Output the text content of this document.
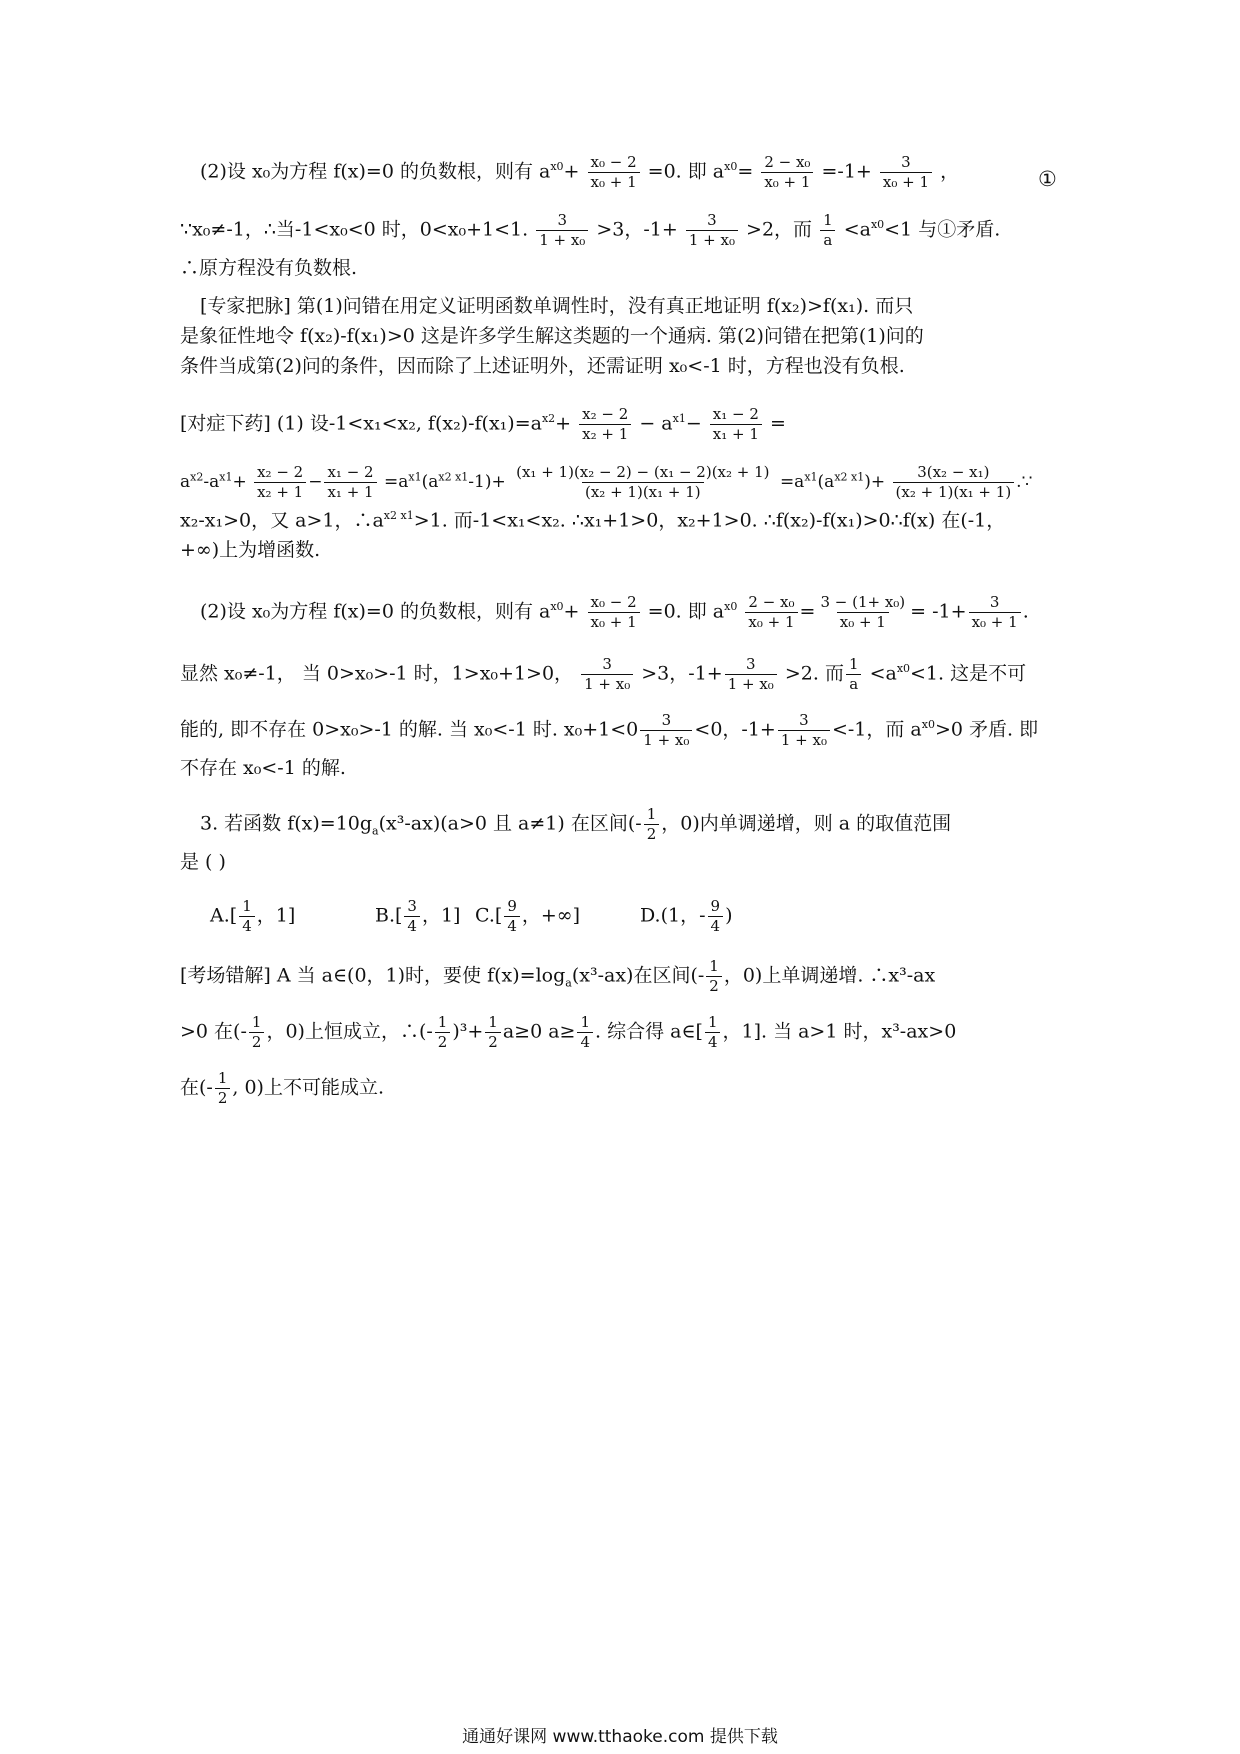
(2)设 x₀为方程 f(x)=0 的负数根，则有 $a^{x0}+ \frac{\text{x₀ − 2}}{\text{x₀ + 1}} =0$. 即 $a^{x0}= \frac{\text{2 − x₀}}{\text{x₀ + 1}} =-1+ \frac{3}{\text{x₀ + 1}}$ ，	①
∵x₀≠-1，∴当-1<x₀<0 时，0<x₀+1<1. $\frac{3}{\text{1 + x₀}} >3$，$-1+ \frac{3}{\text{1 + x₀}} >2$，而 $\frac{1}{a} <a^{x0}<1$ 与①矛盾.
∴原方程没有负数根.
[专家把脉] 第(1)问错在用定义证明函数单调性时，没有真正地证明 f(x₂)>f(x₁). 而只
是象征性地令 f(x₂)-f(x₁)>0 这是许多学生解这类题的一个通病. 第(2)问错在把第(1)问的
条件当成第(2)问的条件，因而除了上述证明外，还需证明 x₀<-1 时，方程也没有负根.
[对症下药] (1) 设-1<x₁<x₂, $f(x_2)-f(x_1)=a^{x2}+ \frac{\text{x₂ − 2}}{\text{x₂ + 1}} - a^{x1}- \frac{\text{x₁ − 2}}{\text{x₁ + 1}}$ =
$a^{x2}-a^{x1}+ \frac{\text{x₂ − 2}}{\text{x₂ + 1}} - \frac{\text{x₁ − 2}}{\text{x₁ + 1}} =a^{x1}(a^{x2 x1}-1)+ \frac{\text{(x₁ + 1)(x₂ − 2) − (x₁ − 2)(x₂ + 1)}}{\text{(x₂ + 1)(x₁ + 1)}} =a^{x1}(a^{x2 x1})+ \frac{\text{3(x₂ − x₁)}}{\text{(x₂ + 1)(x₁ + 1)}}$ .∵
x₂-x₁>0，又 a>1，$\therefore a^{x2 x1}>1$. 而-1<x₁<x₂. ∴x₁+1>0，x₂+1>0. ∴f(x₂)-f(x₁)>0∴f(x) 在(-1，
+∞)上为增函数.
(2)设 x₀为方程 f(x)=0 的负数根，则有 $a^{x0}+ \frac{\text{x₀ − 2}}{\text{x₀ + 1}} =0$. 即 $a^{x0} \frac{\text{2 − x₀}}{\text{x₀ + 1}} = \frac{\text{3 − (1+ x₀)}}{\text{x₀ + 1}} = -1+ \frac{3}{\text{x₀ + 1}}$ .
显然 x₀≠-1， 当 0>x₀>-1 时，1>x₀+1>0， $\frac{3}{\text{1 + x₀}} >3$，$-1+ \frac{3}{\text{1 + x₀}} >2$. 而 $\frac{1}{a} <a^{x0}<1$. 这是不可
能的, 即不存在 0>x₀>-1 的解. 当 x₀<-1 时. $x_0+1<0 \frac{3}{\text{1 + x₀}} <0$，$-1+ \frac{3}{\text{1 + x₀}} <-1$，而 $a^{x0}>0$ 矛盾. 即
不存在 x₀<-1 的解.
3. 若函数 $f(x)=10g_a(x^3-ax)(a>0$ 且 a≠1) 在区间(- $\frac{1}{2}$ ，0)内单调递增，则 a 的取值范围
是 ( )
$A.[ \frac{1}{4}$ ，1]	$B.[ \frac{3}{4}$ ，1] $C.[ \frac{9}{4}$ ，+∞]	D.(1，- $\frac{9}{4}$ )
[考场错解] A 当 a∈(0，1)时，要使 $f(x)=\log_a(x^3-ax)$在区间(- $\frac{1}{2}$ ，0)上单调递增. ∴x³-ax
>0 在(- $\frac{1}{2}$ ，0)上恒成立，∴(- $\frac{1}{2} )^3+ \frac{1}{2} a\ge 0$ $a\ge \frac{1}{4}$ . 综合得 a∈[ $\frac{1}{4}$ ，1]. 当 a>1 时，x³-ax>0
在(- $\frac{1}{2}$ , 0)上不可能成立.
通通好课网 www.tthaoke.com 提供下载
